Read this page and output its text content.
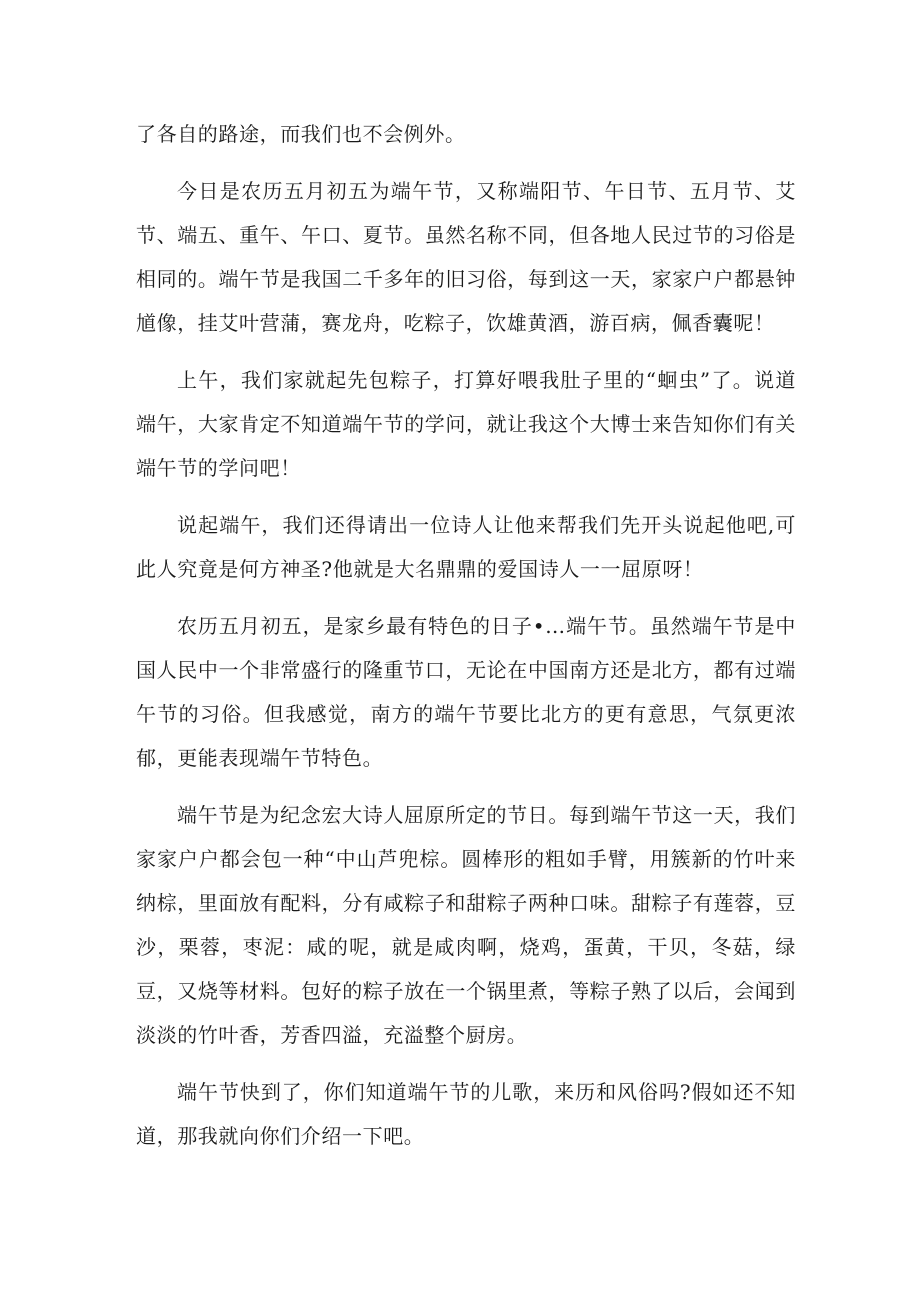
了各自的路途，而我们也不会例外。

今日是农历五月初五为端午节，又称端阳节、午日节、五月节、艾节、端五、重午、午口、夏节。虽然名称不同，但各地人民过节的习俗是相同的。端午节是我国二千多年的旧习俗，每到这一天，家家户户都悬钟馗像，挂艾叶营蒲，赛龙舟，吃粽子，饮雄黄酒，游百病，佩香囊呢！

上午，我们家就起先包粽子，打算好喂我肚子里的“蛔虫”了。说道端午，大家肯定不知道端午节的学问，就让我这个大博士来告知你们有关端午节的学问吧！

说起端午，我们还得请出一位诗人让他来帮我们先开头说起他吧,可此人究竟是何方神圣?他就是大名鼎鼎的爱国诗人一一屈原呀！

农历五月初五，是家乡最有特色的日子•…端午节。虽然端午节是中国人民中一个非常盛行的隆重节口，无论在中国南方还是北方，都有过端午节的习俗。但我感觉，南方的端午节要比北方的更有意思，气氛更浓郁，更能表现端午节特色。

端午节是为纪念宏大诗人屈原所定的节日。每到端午节这一天，我们家家户户都会包一种“中山芦兜棕。圆棒形的粗如手臂，用簇新的竹叶来纳棕，里面放有配料，分有咸粽子和甜粽子两种口味。甜粽子有莲蓉，豆沙，栗蓉，枣泥：咸的呢，就是咸肉啊，烧鸡，蛋黄，干贝，冬菇，绿豆，又烧等材料。包好的粽子放在一个锅里煮，等粽子熟了以后，会闻到淡淡的竹叶香，芳香四溢，充溢整个厨房。

端午节快到了，你们知道端午节的儿歌，来历和风俗吗?假如还不知道，那我就向你们介绍一下吧。
